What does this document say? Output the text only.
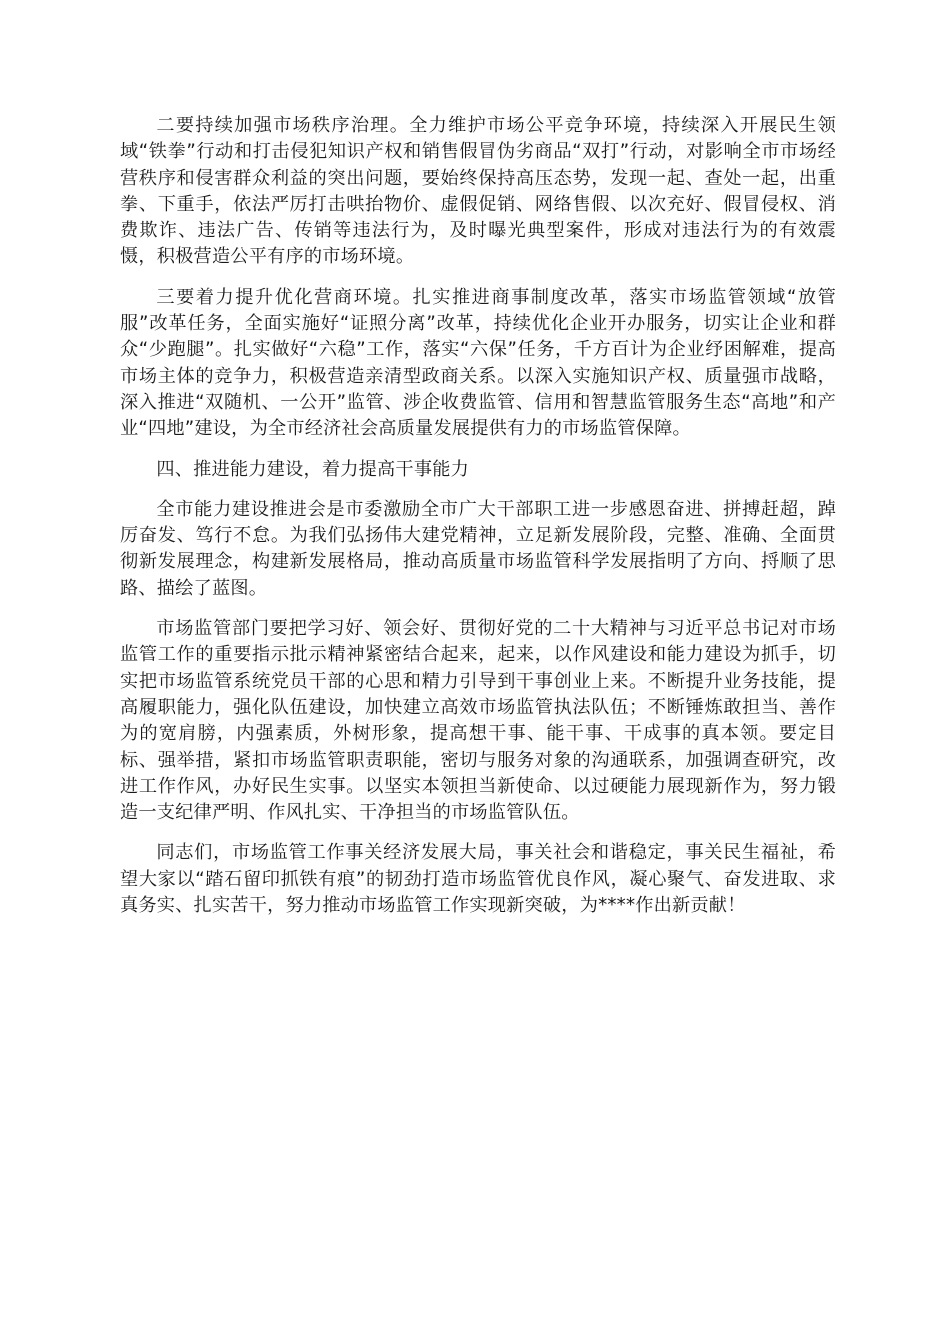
二要持续加强市场秩序治理。全力维护市场公平竞争环境，持续深入开展民生领域“铁拳”行动和打击侵犯知识产权和销售假冒伪劣商品“双打”行动，对影响全市市场经营秩序和侵害群众利益的突出问题，要始终保持高压态势，发现一起、查处一起，出重拳、下重手，依法严厉打击哄抬物价、虚假促销、网络售假、以次充好、假冒侵权、消费欺诈、违法广告、传销等违法行为，及时曝光典型案件，形成对违法行为的有效震慑，积极营造公平有序的市场环境。

三要着力提升优化营商环境。扎实推进商事制度改革，落实市场监管领域“放管服”改革任务，全面实施好“证照分离”改革，持续优化企业开办服务，切实让企业和群众“少跑腿”。扎实做好“六稳”工作，落实“六保”任务，千方百计为企业纾困解难，提高市场主体的竞争力，积极营造亲清型政商关系。以深入实施知识产权、质量强市战略，深入推进“双随机、一公开”监管、涉企收费监管、信用和智慧监管服务生态“高地”和产业“四地”建设，为全市经济社会高质量发展提供有力的市场监管保障。

四、推进能力建设，着力提高干事能力

全市能力建设推进会是市委激励全市广大干部职工进一步感恩奋进、拼搏赶超，踔厉奋发、笃行不怠。为我们弘扬伟大建党精神，立足新发展阶段，完整、准确、全面贯彻新发展理念，构建新发展格局，推动高质量市场监管科学发展指明了方向、捋顺了思路、描绘了蓝图。

市场监管部门要把学习好、领会好、贯彻好党的二十大精神与习近平总书记对市场监管工作的重要指示批示精神紧密结合起来，起来，以作风建设和能力建设为抓手，切实把市场监管系统党员干部的心思和精力引导到干事创业上来。不断提升业务技能，提高履职能力，强化队伍建设，加快建立高效市场监管执法队伍；不断锤炼敢担当、善作为的宽肩膀，内强素质，外树形象，提高想干事、能干事、干成事的真本领。要定目标、强举措，紧扣市场监管职责职能，密切与服务对象的沟通联系，加强调查研究，改进工作作风，办好民生实事。以坚实本领担当新使命、以过硬能力展现新作为，努力锻造一支纪律严明、作风扎实、干净担当的市场监管队伍。

同志们，市场监管工作事关经济发展大局，事关社会和谐稳定，事关民生福祉，希望大家以“踏石留印抓铁有痕”的韧劲打造市场监管优良作风，凝心聚气、奋发进取、求真务实、扎实苦干，努力推动市场监管工作实现新突破，为****作出新贡献！
